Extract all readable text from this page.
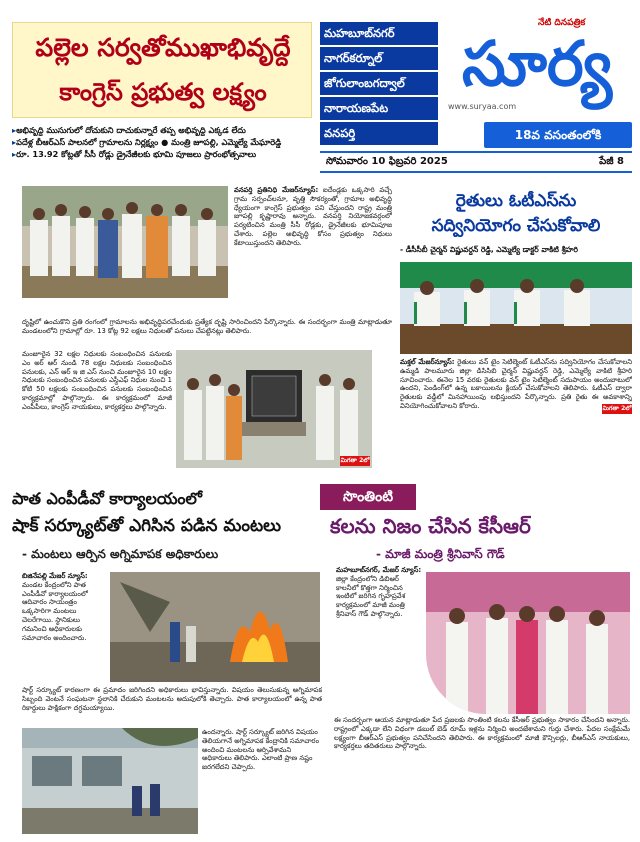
పల్లెల సర్వతోముఖాభివృద్దే
కాంగ్రెస్ ప్రభుత్వ లక్ష్యం
▸ అభివృద్ధి ముసుగులో దోచుకుని దాచుకున్నారే తప్ప అభివృద్ధి ఎక్కడ లేదు
▸ పదేళ్ల బీఆర్ఎస్ పాలనలో గ్రామాలను నిర్లక్ష్యం ● మంత్రి జూపల్లి, ఎమ్మెల్యే మేఘారెడ్డి
▸ రూ. 13.92 కోట్లతో సీసీ రోడ్లు డ్రైనేజీలకు భూమి పూజలు ప్రారంభోత్సవాలు
మహబూబ్‌నగర్
నాగర్‌కర్నూల్
జోగులాంబగద్వాల్
నారాయణపేట
వనపర్తి
నేటి దినపత్రిక
సూర్య
www.suryaa.com
18వ వసంతంలోకి
సోమవారం 10 ఫిబ్రవరి 2025	పేజీ 8
వనపర్తి ప్రతినిధి మేజర్‌న్యూస్: ఐదేండ్లకు ఒక్కసారి వచ్చే గ్రామ సర్పంచ్‌లనూ, వృత్తి సౌకర్యంతో, గ్రామాల అభివృద్ధి ధ్యేయంగా కాంగ్రెస్ ప్రభుత్వం పని చేస్తుందని రాష్ట్ర మంత్రి జూపల్లి కృష్ణారావు అన్నారు. వనపర్తి నియోజకవర్గంలో పర్యటించిన మంత్రి సీసీ రోడ్లకు, డ్రైనేజీలకు భూమిపూజ చేశారు. పల్లెల అభివృద్ధి కోసం ప్రభుత్వం నిధులు కేటాయిస్తుందని తెలిపారు.
దృష్టిలో ఉంచుకొని ప్రతి రంగంలో గ్రామాలను అభివృద్ధిపరచేందుకు ప్రత్యేక దృష్టి సారించిందని పేర్కొన్నారు. ఈ సందర్భంగా మంత్రి మాట్లాడుతూ మండలంలోని గ్రామాల్లో రూ. 13 కోట్ల 92 లక్షలు నిధులతో పనులు చేపట్టినట్లు తెలిపారు.
మంజూరైన 32 లక్షల నిధులకు సంబంధించిన పనులకు ఎం అర్ ఆర్ నుండి 78 లక్షల నిధులకు సంబంధించిన పనులకు, ఎన్ ఆర్ ఇ జి ఎస్ నుంచి మంజూరైన 10 లక్షల నిధులకు సంబంధించిన పనులకు ఎస్డీఎఫ్ నిధుల నుంచి 1 కోటి 50 లక్షలకు సంబంధించిన పనులకు సంబంధించిన కార్యక్రమాల్లో పాల్గొన్నారు. ఈ కార్యక్రమంలో మాజీ ఎంపీపీలు, కాంగ్రెస్ నాయకులు, కార్యకర్తలు పాల్గొన్నారు.
మిగతా 2లో
రైతులు ఓటీఎస్‌ను
సద్వినియోగం చేసుకోవాలి
- డీసీసీబీ చైర్మన్ విష్ణువర్ధన్ రెడ్డి, ఎమ్మెల్యే డాక్టర్ వాకిటి శ్రీహరి
మక్తల్ మేజర్‌న్యూస్: రైతులు వన్ టైం సెటిల్మెంట్ ఓటీఎస్‌ను సద్వినియోగం చేసుకోవాలని ఉమ్మడి పాలమూరు జిల్లా డిసిసిబి చైర్మన్ విష్ణువర్ధన్ రెడ్డి, ఎమ్మెల్యే వాకిటి శ్రీహరి సూచించారు. ఈనెల 15 వరకు రైతులకు వన్ టైం సెటిల్మెంట్ సదుపాయం అందుబాటులో ఉందని, పెండింగ్‌లో ఉన్న బకాయిలను క్లియర్ చేసుకోవాలని తెలిపారు. ఓటీఎస్ ద్వారా రైతులకు వడ్డీలో మినహాయింపు లభిస్తుందని పేర్కొన్నారు. ప్రతి రైతు ఈ అవకాశాన్ని వినియోగించుకోవాలని కోరారు.	మిగతా 2లో
పాత ఎంపీడీవో కార్యాలయంలో
షాక్ సర్క్యూట్‌తో ఎగిసిన పడిన మంటలు
- మంటలు ఆర్పిన అగ్నిమాపక అధికారులు
బిజినేపల్లి మేజర్ న్యూస్: మండల కేంద్రంలోని పాత ఎంపీడీవో కార్యాలయంలో ఆదివారం సాయంత్రం ఒక్కసారిగా మంటలు చెలరేగాయి. స్థానికులు గమనించి అధికారులకు సమాచారం అందించారు.
షార్ట్ సర్క్యూట్ కారణంగా ఈ ప్రమాదం జరిగిందని అధికారులు భావిస్తున్నారు. విషయం తెలుసుకున్న అగ్నిమాపక సిబ్బంది వెంటనే సంఘటనా స్థలానికి చేరుకుని మంటలను అదుపులోకి తెచ్చారు. పాత కార్యాలయంలో ఉన్న పాత రికార్డులు పాక్షికంగా దగ్ధమయ్యాయి.
ఉందన్నారు. షార్ట్ సర్క్యూట్ జరిగిన విషయం తెలియగానే అగ్నిమాపక కేంద్రానికి సమాచారం అందించి మంటలను ఆర్పివేశామని అధికారులు తెలిపారు. ఎలాంటి ప్రాణ నష్టం జరగలేదని చెప్పారు.
సొంతింటి
కలను నిజం చేసిన కేసీఆర్
- మాజీ మంత్రి శ్రీనివాస్ గౌడ్
మహబూబ్‌నగర్, మేజర్ న్యూస్: జిల్లా కేంద్రంలోని డిబిఆర్ కాలనీలో కొత్తగా నిర్మించిన ఇంటిలో జరిగిన గృహప్రవేశ కార్యక్రమంలో మాజీ మంత్రి శ్రీనివాస్ గౌడ్ పాల్గొన్నారు.
ఈ సందర్భంగా ఆయన మాట్లాడుతూ పేద ప్రజలకు సొంతింటి కలను కేసీఆర్ ప్రభుత్వం సాకారం చేసిందని అన్నారు. రాష్ట్రంలో ఎక్కడా లేని విధంగా డబుల్ బెడ్ రూమ్ ఇళ్లను నిర్మించి అందజేశామని గుర్తు చేశారు. పేదల సంక్షేమమే లక్ష్యంగా బీఆర్ఎస్ ప్రభుత్వం పనిచేసిందని తెలిపారు. ఈ కార్యక్రమంలో మాజీ కౌన్సిలర్లు, బీఆర్ఎస్ నాయకులు, కార్యకర్తలు తదితరులు పాల్గొన్నారు.
